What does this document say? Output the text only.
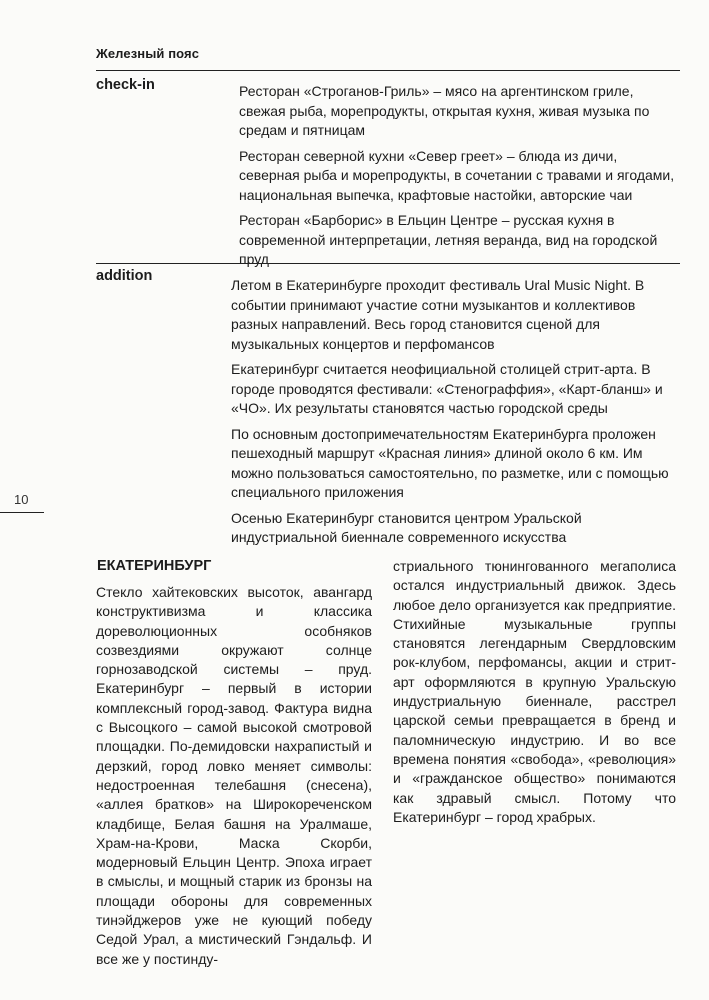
Железный пояс
check-in	Ресторан «Строганов-Гриль» – мясо на аргентинском гриле, свежая рыба, морепродукты, открытая кухня, живая музыка по средам и пятницам

Ресторан северной кухни «Север греет» – блюда из дичи, северная рыба и морепродукты, в сочетании с травами и ягодами, национальная выпечка, крафтовые настойки, авторские чаи

Ресторан «Барборис» в Ельцин Центре – русская кухня в современной интерпретации, летняя веранда, вид на городской пруд

addition

Летом в Екатеринбурге проходит фестиваль Ural Music Night. В событии принимают участие сотни музыкантов и коллективов разных направлений. Весь город становится сценой для музыкальных концертов и перфомансов

Екатеринбург считается неофициальной столицей стрит-арта. В городе проводятся фестивали: «Стенограффия», «Карт-бланш» и «ЧО». Их результаты становятся частью городской среды

По основным достопримечательностям Екатеринбурга проложен пешеходный маршрут «Красная линия» длиной около 6 км. Им можно пользоваться самостоятельно, по разметке, или с помощью специального приложения

Осенью Екатеринбург становится центром Уральской индустриальной биеннале современного искусства

10
ЕКАТЕРИНБУРГ

Стекло хайтековских высоток, авангард конструктивизма и классика дореволюционных особняков созвездиями окружают солнце горнозаводской системы – пруд. Екатеринбург – первый в истории комплексный город-завод. Фактура видна с Высоцкого – самой высокой смотровой площадки. По-демидовски нахрапистый и дерзкий, город ловко меняет символы: недостроенная телебашня (снесена), «аллея братков» на Широкореченском кладбище, Белая башня на Уралмаше, Храм-на-Крови, Маска Скорби, модерновый Ельцин Центр. Эпоха играет в смыслы, и мощный старик из бронзы на площади обороны для современных тинэйджеров уже не кующий победу Седой Урал, а мистический Гэндальф. И все же у постинду-

стриального тюнингованного мегаполиса остался индустриальный движок. Здесь любое дело организуется как предприятие. Стихийные музыкальные группы становятся легендарным Свердловским рок-клубом, перфомансы, акции и стрит-арт оформляются в крупную Уральскую индустриальную биеннале, расстрел царской семьи превращается в бренд и паломническую индустрию. И во все времена понятия «свобода», «революция» и «гражданское общество» понимаются как здравый смысл. Потому что Екатеринбург – город храбрых.
